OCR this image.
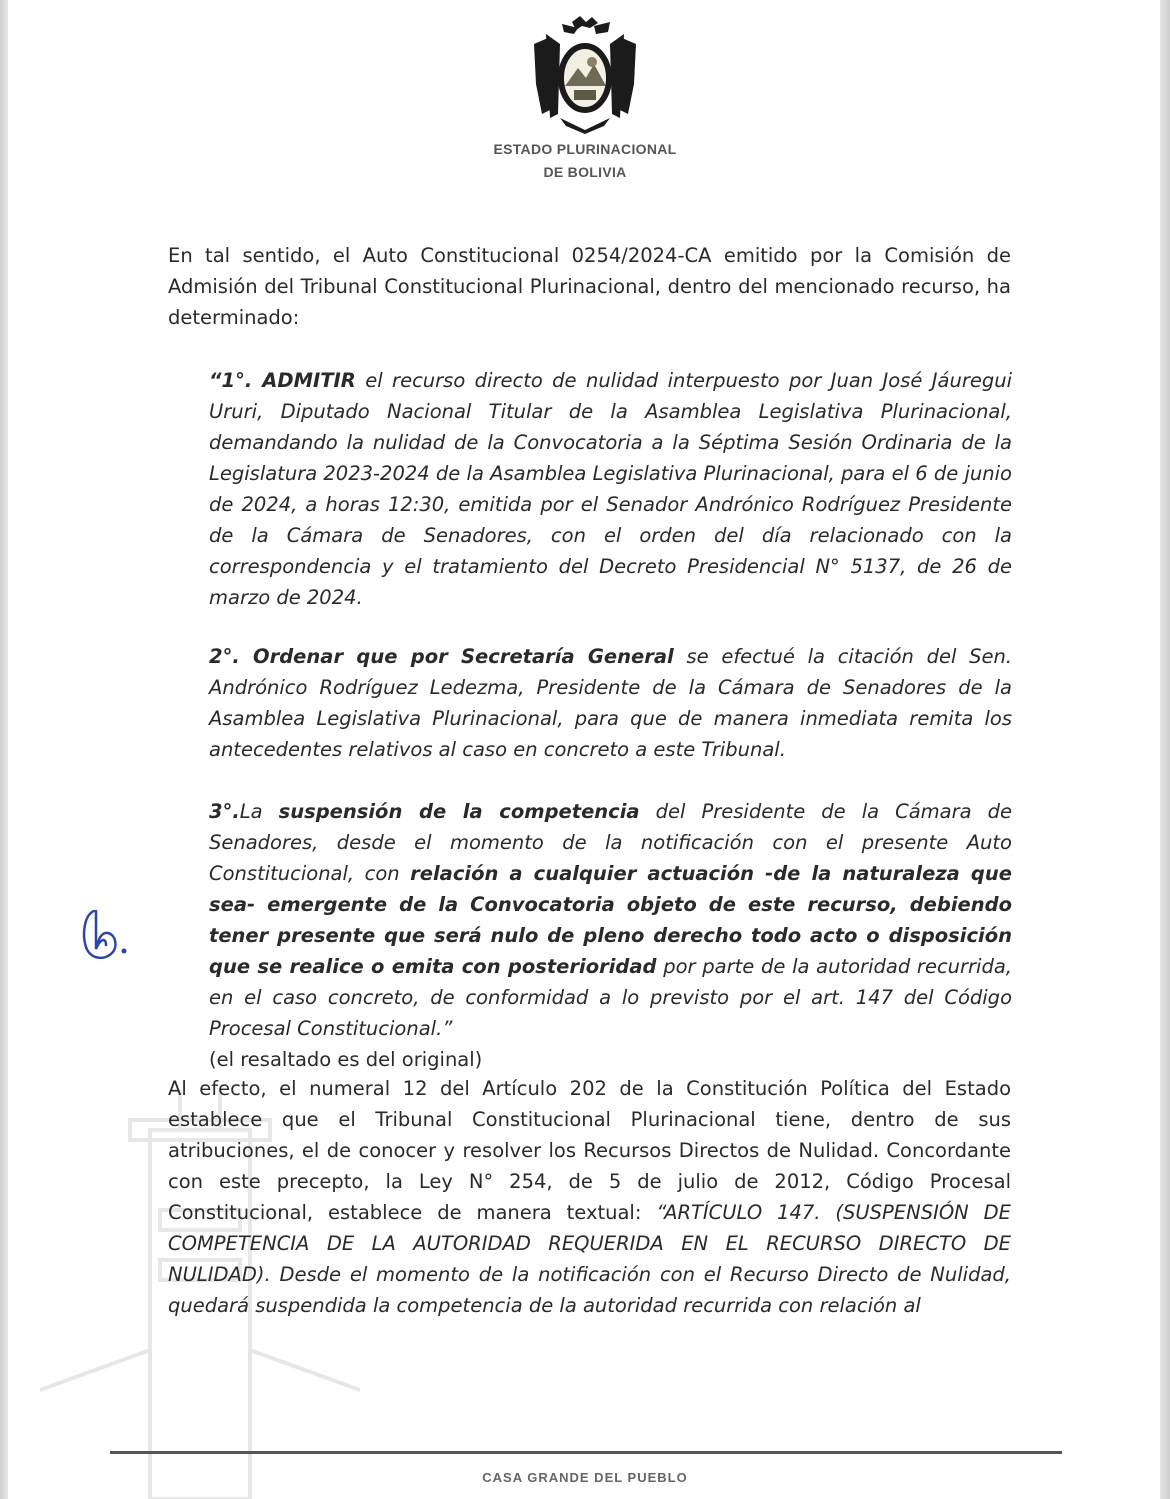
ESTADO PLURINACIONAL
DE BOLIVIA

En tal sentido, el Auto Constitucional 0254/2024-CA emitido por la Comisión de Admisión del Tribunal Constitucional Plurinacional, dentro del mencionado recurso, ha determinado:

“1°. ADMITIR el recurso directo de nulidad interpuesto por Juan José Jáuregui Ururi, Diputado Nacional Titular de la Asamblea Legislativa Plurinacional, demandando la nulidad de la Convocatoria a la Séptima Sesión Ordinaria de la Legislatura 2023-2024 de la Asamblea Legislativa Plurinacional, para el 6 de junio de 2024, a horas 12:30, emitida por el Senador Andrónico Rodríguez Presidente de la Cámara de Senadores, con el orden del día relacionado con la correspondencia y el tratamiento del Decreto Presidencial N° 5137, de 26 de marzo de 2024.

2°. Ordenar que por Secretaría General se efectué la citación del Sen. Andrónico Rodríguez Ledezma, Presidente de la Cámara de Senadores de la Asamblea Legislativa Plurinacional, para que de manera inmediata remita los antecedentes relativos al caso en concreto a este Tribunal.

3°.La suspensión de la competencia del Presidente de la Cámara de Senadores, desde el momento de la notificación con el presente Auto Constitucional, con relación a cualquier actuación -de la naturaleza que sea- emergente de la Convocatoria objeto de este recurso, debiendo tener presente que será nulo de pleno derecho todo acto o disposición que se realice o emita con posterioridad por parte de la autoridad recurrida, en el caso concreto, de conformidad a lo previsto por el art. 147 del Código Procesal Constitucional.”

(el resaltado es del original)

Al efecto, el numeral 12 del Artículo 202 de la Constitución Política del Estado establece que el Tribunal Constitucional Plurinacional tiene, dentro de sus atribuciones, el de conocer y resolver los Recursos Directos de Nulidad. Concordante con este precepto, la Ley N° 254, de 5 de julio de 2012, Código Procesal Constitucional, establece de manera textual: “ARTÍCULO 147. (SUSPENSIÓN DE COMPETENCIA DE LA AUTORIDAD REQUERIDA EN EL RECURSO DIRECTO DE NULIDAD). Desde el momento de la notificación con el Recurso Directo de Nulidad, quedará suspendida la competencia de la autoridad recurrida con relación al

CASA GRANDE DEL PUEBLO
